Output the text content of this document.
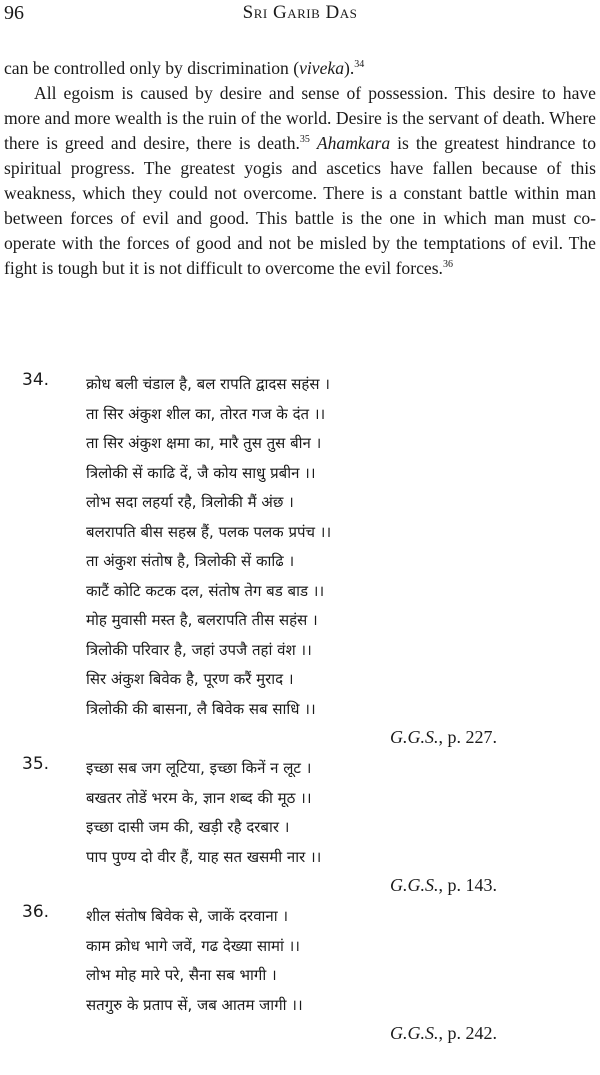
96	Sri Garib Das

can be controlled only by discrimination (viveka).$^{34}$

All egoism is caused by desire and sense of possession. This desire to have more and more wealth is the ruin of the world. Desire is the servant of death. Where there is greed and desire, there is death.$^{35}$ Ahamkara is the greatest hindrance to spiritual progress. The greatest yogis and ascetics have fallen because of this weakness, which they could not overcome. There is a constant battle within man between forces of evil and good. This battle is the one in which man must co-operate with the forces of good and not be misled by the temptations of evil. The fight is tough but it is not difficult to overcome the evil forces.$^{36}$

34. क्रोध बली चंडाल है, बल रापति द्वादस सहंस ।
ता सिर अंकुश शील का, तोरत गज के दंत ।।
ता सिर अंकुश क्षमा का, मारै तुस तुस बीन ।
त्रिलोकी सें काढि दें, जै कोय साधु प्रबीन ।।
लोभ सदा लहर्या रहै, त्रिलोकी मैं अंछ ।
बलरापति बीस सहस्र हैं, पलक पलक प्रपंच ।।
ता अंकुश संतोष है, त्रिलोकी सें काढि ।
काटैं कोटि कटक दल, संतोष तेग बड बाड ।।
मोह मुवासी मस्त है, बलरापति तीस सहंस ।
त्रिलोकी परिवार है, जहां उपजै तहां वंश ।।
सिर अंकुश बिवेक है, पूरण करैं मुराद ।
त्रिलोकी की बासना, लै बिवेक सब साधि ।।
G.G.S., p. 227.
35. इच्छा सब जग लूटिया, इच्छा किनें न लूट ।
बखतर तोडें भरम के, ज्ञान शब्द की मूठ ।।
इच्छा दासी जम की, खड़ी रहै दरबार ।
पाप पुण्य दो वीर हैं, याह सत खसमी नार ।।
G.G.S., p. 143.
36. शील संतोष बिवेक से, जाकें दरवाना ।
काम क्रोध भागे जवें, गढ देख्या सामां ।।
लोभ मोह मारे परे, सैना सब भागी ।
सतगुरु के प्रताप सें, जब आतम जागी ।।
G.G.S., p. 242.
